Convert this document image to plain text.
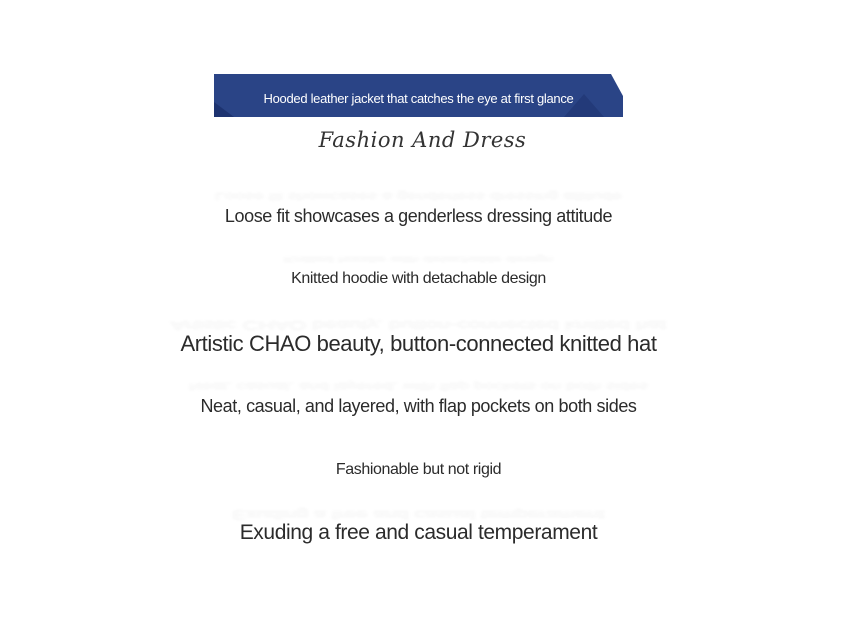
Hooded leather jacket that catches the eye at first glance
Fashion And Dress
Loose fit showcases a genderless dressing attitude
Loose fit showcases a genderless dressing attitude
Knitted hoodie with detachable design
Knitted hoodie with detachable design
Artistic CHAO beauty, button-connected knitted hat
Artistic CHAO beauty, button-connected knitted hat
Neat, casual, and layered, with flap pockets on both sides
Neat, casual, and layered, with flap pockets on both sides
Fashionable but not rigid
Exuding a free and casual temperament
Exuding a free and casual temperament
